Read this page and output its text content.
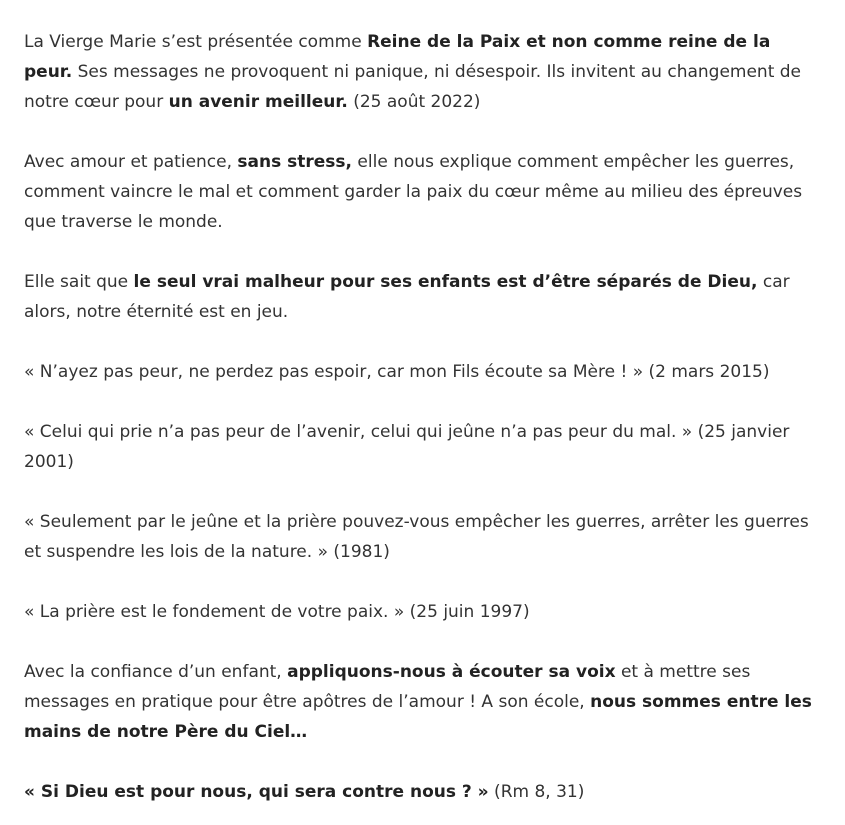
La Vierge Marie s’est présentée comme Reine de la Paix et non comme reine de la peur. Ses messages ne provoquent ni panique, ni désespoir. Ils invitent au changement de notre cœur pour un avenir meilleur. (25 août 2022)

Avec amour et patience, sans stress, elle nous explique comment empêcher les guerres, comment vaincre le mal et comment garder la paix du cœur même au milieu des épreuves que traverse le monde.

Elle sait que le seul vrai malheur pour ses enfants est d’être séparés de Dieu, car alors, notre éternité est en jeu.

« N’ayez pas peur, ne perdez pas espoir, car mon Fils écoute sa Mère ! » (2 mars 2015)

« Celui qui prie n’a pas peur de l’avenir, celui qui jeûne n’a pas peur du mal. » (25 janvier 2001)

« Seulement par le jeûne et la prière pouvez-vous empêcher les guerres, arrêter les guerres et suspendre les lois de la nature. » (1981)

« La prière est le fondement de votre paix. » (25 juin 1997)

Avec la confiance d’un enfant, appliquons-nous à écouter sa voix et à mettre ses messages en pratique pour être apôtres de l’amour ! A son école, nous sommes entre les mains de notre Père du Ciel…

« Si Dieu est pour nous, qui sera contre nous ? » (Rm 8, 31)
